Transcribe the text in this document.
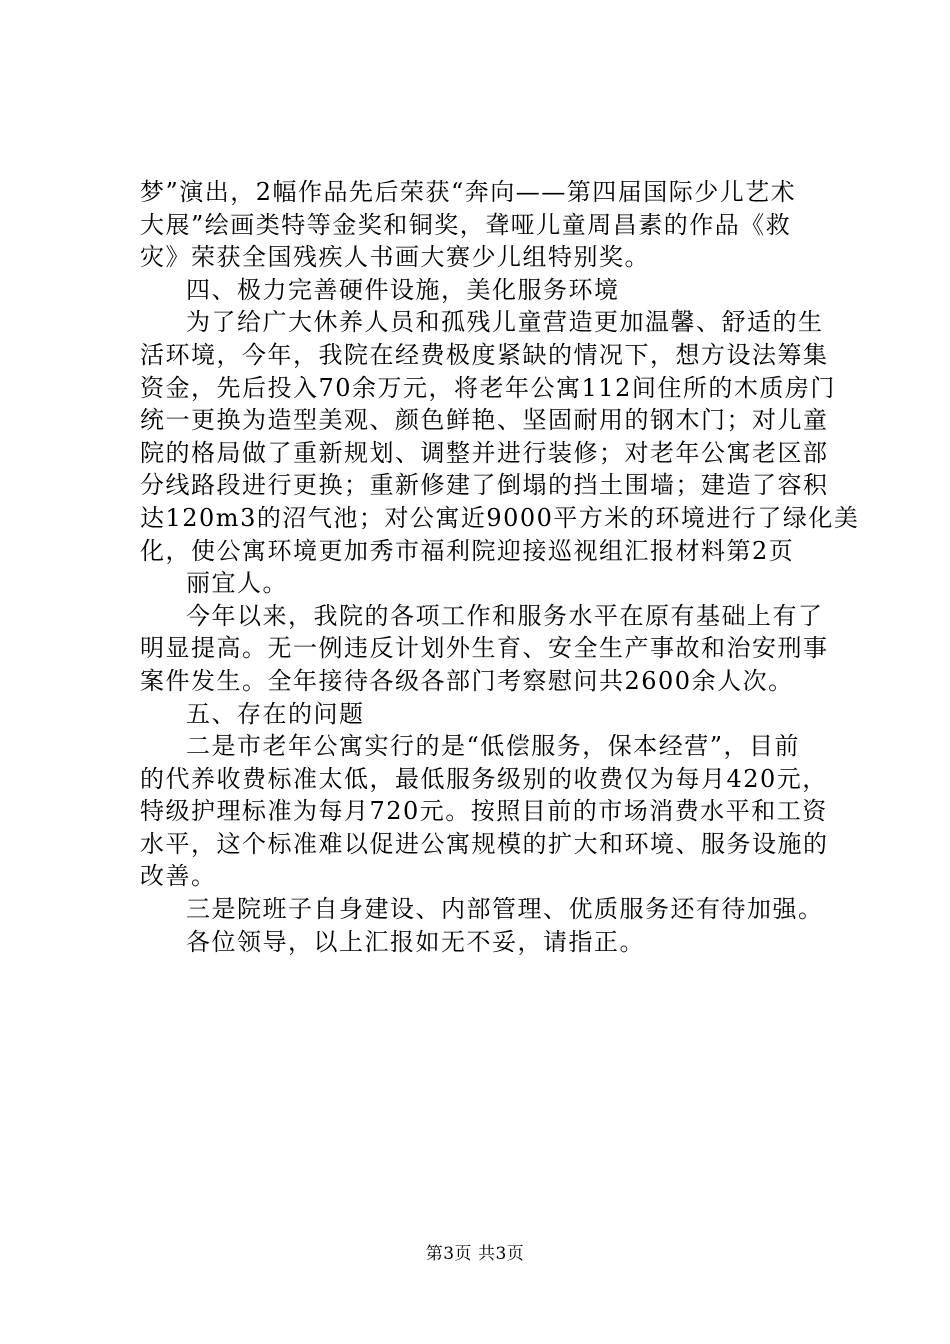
梦”演出，2幅作品先后荣获“奔向——第四届国际少儿艺术
大展”绘画类特等金奖和铜奖，聋哑儿童周昌素的作品《救
灾》荣获全国残疾人书画大赛少儿组特别奖。
四、极力完善硬件设施，美化服务环境
为了给广大休养人员和孤残儿童营造更加温馨、舒适的生
活环境，今年，我院在经费极度紧缺的情况下，想方设法筹集
资金，先后投入70余万元，将老年公寓112间住所的木质房门
统一更换为造型美观、颜色鲜艳、坚固耐用的钢木门；对儿童
院的格局做了重新规划、调整并进行装修；对老年公寓老区部
分线路段进行更换；重新修建了倒塌的挡土围墙；建造了容积
达120m3的沼气池；对公寓近9000平方米的环境进行了绿化美
化，使公寓环境更加秀市福利院迎接巡视组汇报材料第2页
丽宜人。
今年以来，我院的各项工作和服务水平在原有基础上有了
明显提高。无一例违反计划外生育、安全生产事故和治安刑事
案件发生。全年接待各级各部门考察慰问共2600余人次。
五、存在的问题
二是市老年公寓实行的是“低偿服务，保本经营”，目前
的代养收费标准太低，最低服务级别的收费仅为每月420元，
特级护理标准为每月720元。按照目前的市场消费水平和工资
水平，这个标准难以促进公寓规模的扩大和环境、服务设施的
改善。
三是院班子自身建设、内部管理、优质服务还有待加强。
各位领导，以上汇报如无不妥，请指正。
第3页 共3页
